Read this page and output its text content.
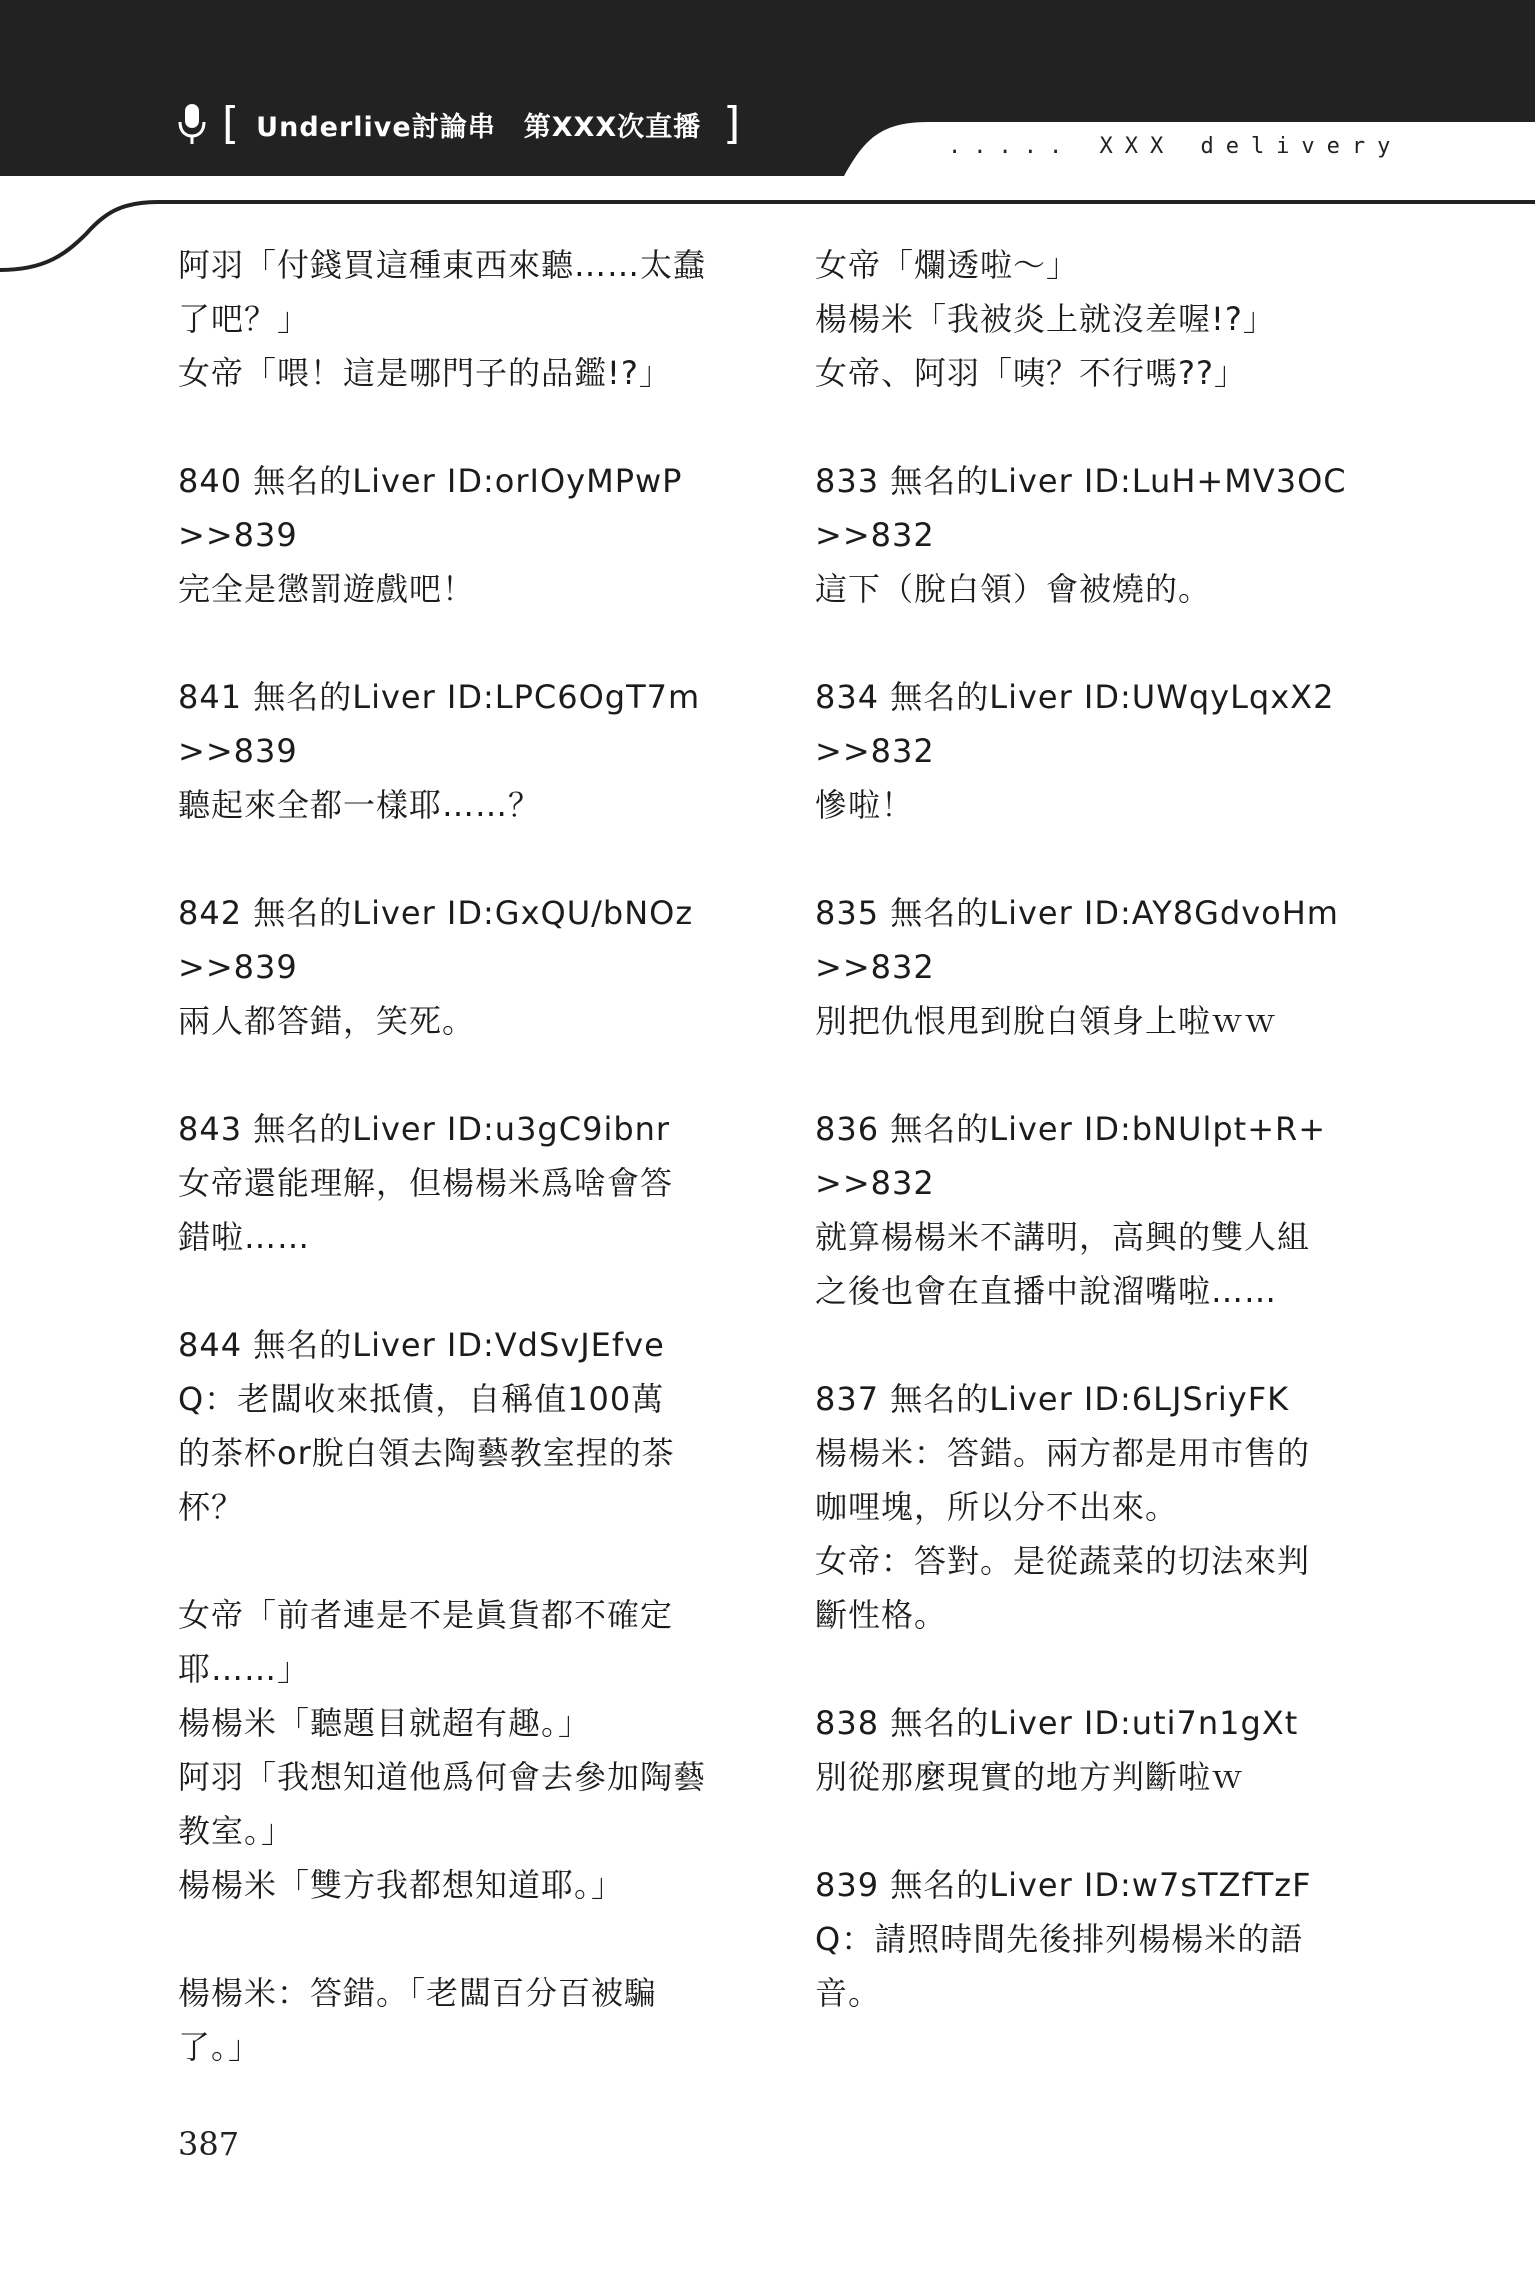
[ Underlive討論串 第XXX次直播 ]	..... XXX delivery
阿羽「付錢買這種東西來聽……太蠢
了吧？」
女帝「喂！這是哪門子的品鑑!?」
840 無名的Liver ID:orIOyMPwP
>>839
完全是懲罰遊戲吧！
841 無名的Liver ID:LPC6OgT7m
>>839
聽起來全都一樣耶……？
842 無名的Liver ID:GxQU/bNOz
>>839
兩人都答錯，笑死。
843 無名的Liver ID:u3gC9ibnr
女帝還能理解，但楊楊米爲啥會答
錯啦……
844 無名的Liver ID:VdSvJEfve
Q：老闆收來抵債，自稱值100萬
的茶杯or脫白領去陶藝教室捏的茶
杯？
女帝「前者連是不是眞貨都不確定
耶……」
楊楊米「聽題目就超有趣。」
阿羽「我想知道他爲何會去參加陶藝
教室。」
楊楊米「雙方我都想知道耶。」
楊楊米：答錯。「老闆百分百被騙
了。」
女帝「爛透啦～」
楊楊米「我被炎上就沒差喔!?」
女帝、阿羽「咦？不行嗎??」
833 無名的Liver ID:LuH+MV3OC
>>832
這下（脫白領）會被燒的。
834 無名的Liver ID:UWqyLqxX2
>>832
慘啦！
835 無名的Liver ID:AY8GdvoHm
>>832
別把仇恨甩到脫白領身上啦ｗｗ
836 無名的Liver ID:bNUlpt+R+
>>832
就算楊楊米不講明，高興的雙人組
之後也會在直播中說溜嘴啦……
837 無名的Liver ID:6LJSriyFK
楊楊米：答錯。兩方都是用市售的
咖哩塊，所以分不出來。
女帝：答對。是從蔬菜的切法來判
斷性格。
838 無名的Liver ID:uti7n1gXt
別從那麼現實的地方判斷啦ｗ
839 無名的Liver ID:w7sTZfTzF
Q：請照時間先後排列楊楊米的語
音。
387
